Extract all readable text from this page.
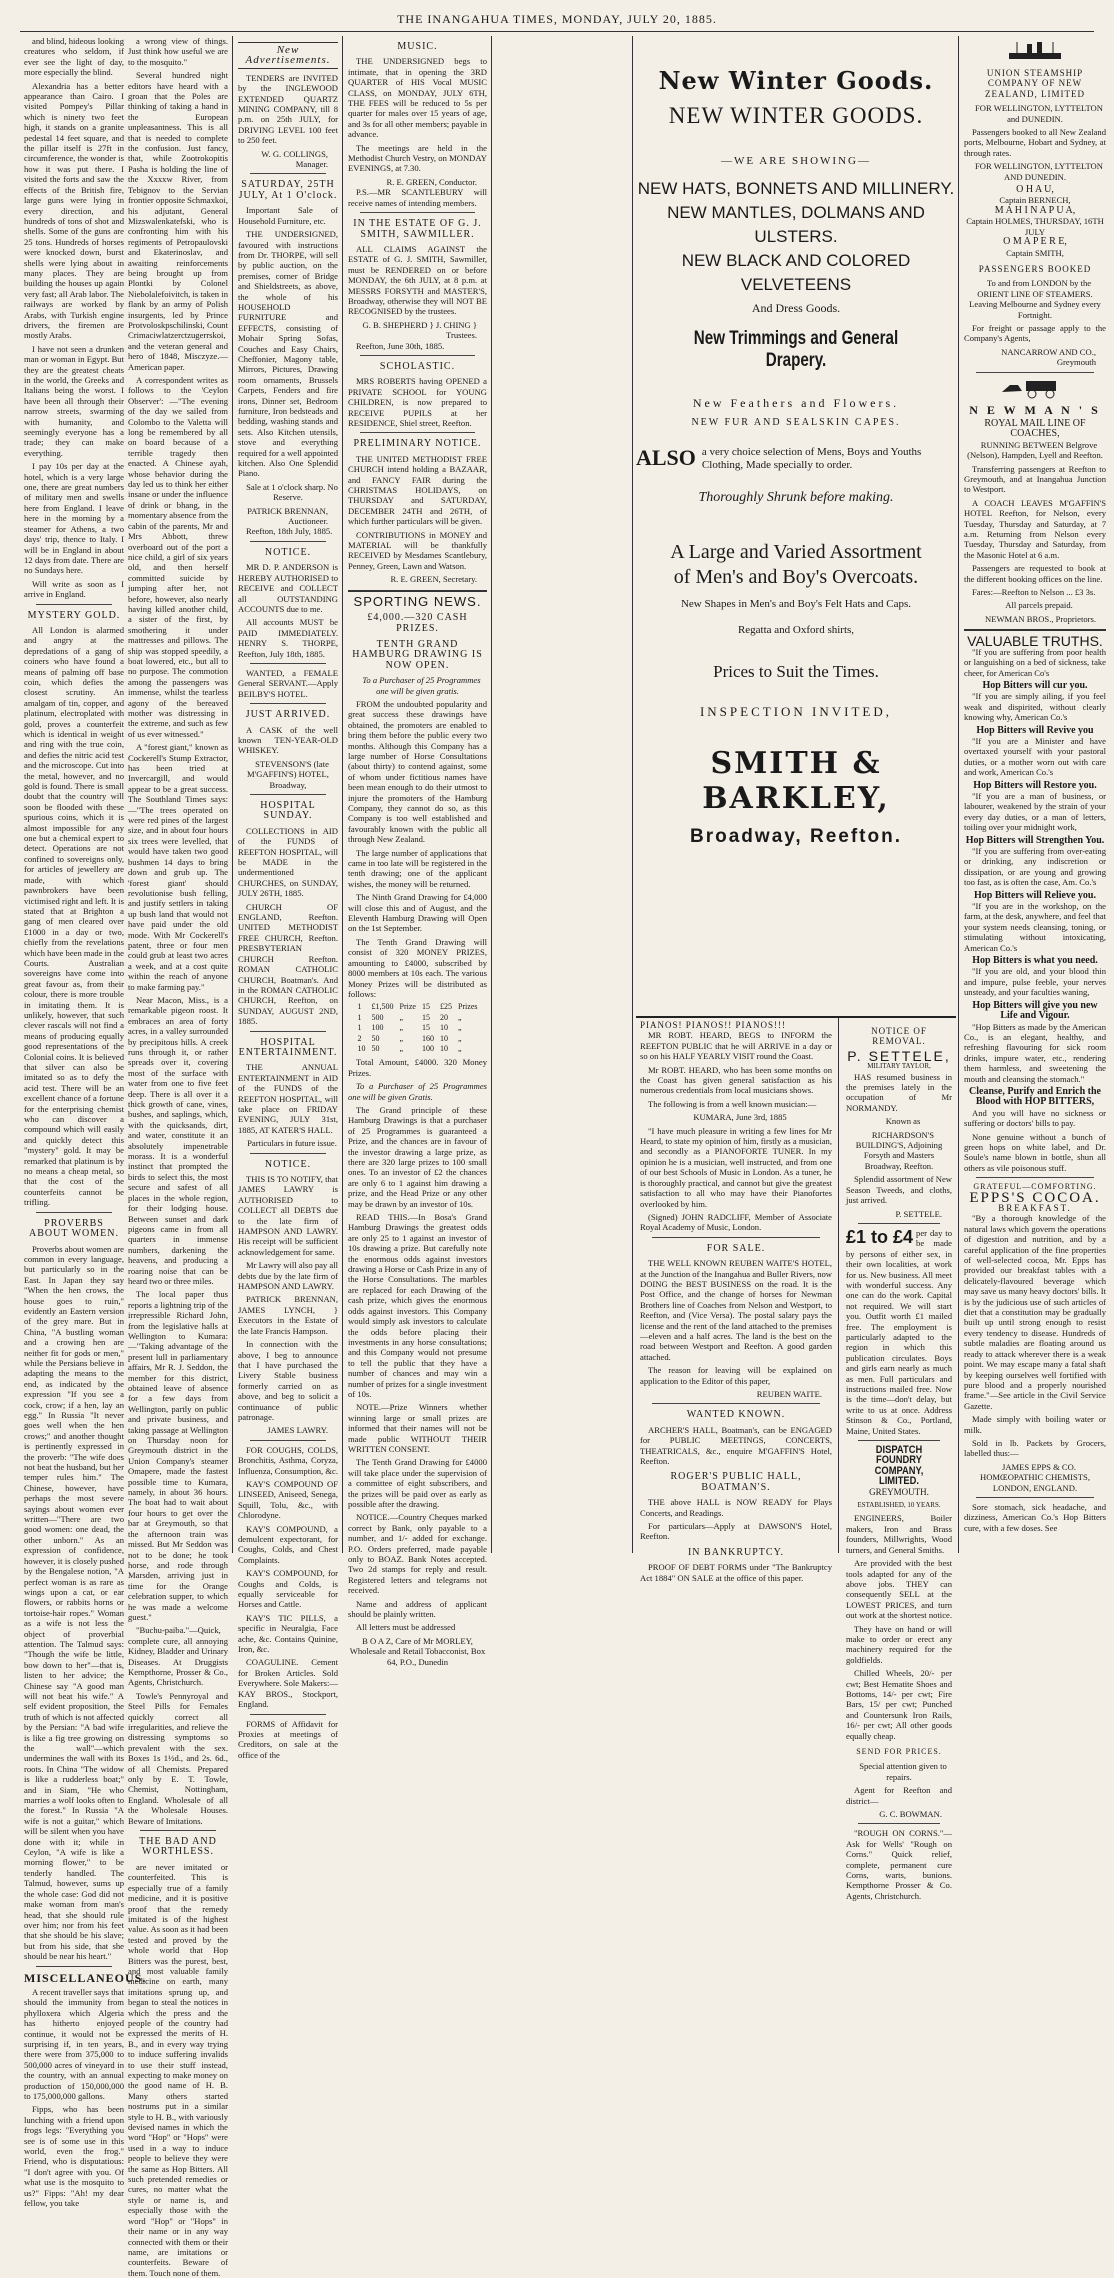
THE INANGAHUA TIMES, MONDAY, JULY 20, 1885.

and blind, hideous looking creatures who seldom, if ever see the light of day, more especially the blind.

Alexandria has a better appearance than Cairo. I visited Pompey's Pillar which is ninety two feet high, it stands on a granite pedestal 14 feet square, and the pillar itself is 27ft in circumference, the wonder is how it was put there. I visited the forts and saw the effects of the British fire, large guns were lying in every direction, and hundreds of tons of shot and shells. Some of the guns are 25 tons. Hundreds of horses were knocked down, burst shells were lying about in many places. They are building the houses up again very fast; all Arab labor. The railways are worked by Arabs, with Turkish engine drivers, the firemen are mostly Arabs.

I have not seen a drunken man or woman in Egypt. But they are the greatest cheats in the world, the Greeks and Italians being the worst. I have been all through their narrow streets, swarming with humanity, and seemingly everyone has a trade; they can make everything.

I pay 10s per day at the hotel, which is a very large one, there are great numbers of military men and swells here from England. I leave here in the morning by a steamer for Athens, a two days' trip, thence to Italy. I will be in England in about 12 days from date. There are no Sundays here.

Will write as soon as I arrive in England.

MYSTERY GOLD.

All London is alarmed and angry at the depredations of a gang of coiners who have found a means of palming off base coin, which defies the closest scrutiny. An amalgam of tin, copper, and platinum, electroplated with gold, proves a counterfeit which is identical in weight and ring with the true coin, and defies the nitric acid test and the microscope. Cut into the metal, however, and no gold is found. There is small doubt that the country will soon be flooded with these spurious coins, which it is almost impossible for any one but a chemical expert to detect. Operations are not confined to sovereigns only, for articles of jewellery are made, with which pawnbrokers have been victimised right and left. It is stated that at Brighton a gang of men cleared over £1000 in a day or two, chiefly from the revelations which have been made in the Courts. Australian sovereigns have come into great favour as, from their colour, there is more trouble in imitating them. It is unlikely, however, that such clever rascals will not find a means of producing equally good representations of the Colonial coins. It is believed that silver can also be imitated so as to defy the acid test. There will be an excellent chance of a fortune for the enterprising chemist who can discover a compound which will easily and quickly detect this "mystery" gold. It may be remarked that platinum is by no means a cheap metal, so that the cost of the counterfeits cannot be trifling.

PROVERBS ABOUT WOMEN.

Proverbs about women are common in every language, but particularly so in the East. In Japan they say "When the hen crows, the house goes to ruin," evidently an Eastern version of the grey mare. But in China, "A bustling woman and a crowing hen are neither fit for gods or men," while the Persians believe in adapting the means to the end, as indicated by the expression "If you see a cock, crow; if a hen, lay an egg." In Russia "It never goes well when the hen crows;" and another thought is pertinently expressed in the proverb: "The wife does not beat the husband, but her temper rules him." The Chinese, however, have perhaps the most severe sayings about women ever written—"There are two good women: one dead, the other unborn." As an expression of confidence, however, it is closely pushed by the Bengalese notion, "A perfect woman is as rare as wings upon a cat, or ear flowers, or rabbits horns or tortoise-hair ropes." Woman as a wife is not less the object of proverbial attention. The Talmud says: "Though the wife be little, bow down to her"—that is, listen to her advice; the Chinese say "A good man will not beat his wife." A self evident proposition, the truth of which is not affected by the Persian: "A bad wife is like a fig tree growing on the wall"—which undermines the wall with its roots. In China "The widow is like a rudderless boat;" and in Siam, "He who marries a wolf looks often to the forest." In Russia "A wife is not a guitar," which will be silent when you have done with it; while in Ceylon, "A wife is like a morning flower," to be tenderly handled. The Talmud, however, sums up the whole case: God did not make woman from man's head, that she should rule over him; nor from his feet that she should be his slave; but from his side, that she should be near his heart."

MISCELLANEOUS.

A recent traveller says that should the immunity from phylloxera which Algeria has hitherto enjoyed continue, it would not be surprising if, in ten years, there were from 375,000 to 500,000 acres of vineyard in the country, with an annual production of 150,000,000 to 175,000,000 gallons.

Fipps, who has been lunching with a friend upon frogs legs: "Everything you see is of some use in this world, even the frog." Friend, who is disputatious: "I don't agree with you. Of what use is the mosquito to us?" Fipps: "Ah! my dear fellow, you take

a wrong view of things. Just think how useful we are to the mosquito."

Several hundred night editors have heard with a groan that the Poles are thinking of taking a hand in the European unpleasantness. This is all that is needed to complete the confusion. Just fancy, that, while Zootrokopitis Pasha is holding the line of the Xxxxw River, from Tebignov to the Servian frontier opposite Schmaxkoi, his adjutant, General Mizswalenkatefski, who is confronting him with his regiments of Petropaulovski and Ekaterinoslav, and awaiting reinforcements being brought up from Plontki by Colonel Niebolalefoivitch, is taken in flank by an army of Polish insurgents, led by Prince Protvoloskpschilinski, Count Crimaciwlatzerctzugerrskoi, and the veteran general and hero of 1848, Misczyze.—American paper.

A correspondent writes as follows to the 'Ceylon Observer': —"The evening of the day we sailed from Colombo to the Valetta will long be remembered by all on board because of a terrible tragedy then enacted. A Chinese ayah, whose behavior during the day led us to think her either insane or under the influence of drink or bhang, in the momentary absence from the cabin of the parents, Mr and Mrs Abbott, threw overboard out of the port a nice child, a girl of six years old, and then herself committed suicide by jumping after her, not before, however, also nearly having killed another child, a sister of the first, by smothering it under mattresses and pillows. The ship was stopped speedily, a boat lowered, etc., but all to no purpose. The commotion among the passengers was immense, whilst the tearless agony of the bereaved mother was distressing in the extreme, and such as few of us ever witnessed."

A "forest giant," known as Cockerell's Stump Extractor, has been tried at Invercargill, and would appear to be a great success. The Southland Times says:—"The trees operated on were red pines of the largest size, and in about four hours six trees were levelled, that would have taken two good bushmen 14 days to bring down and grub up. The 'forest giant' should revolutionise bush felling, and justify settlers in taking up bush land that would not have paid under the old mode. With Mr Cockerell's patent, three or four men could grub at least two acres a week, and at a cost quite within the reach of anyone to make farming pay."

Near Macon, Miss., is a remarkable pigeon roost. It embraces an area of forty acres, in a valley surrounded by precipitous hills. A creek runs through it, or rather spreads over it, covering most of the surface with water from one to five feet deep. There is all over it a thick growth of cane, vines, bushes, and saplings, which, with the quicksands, dirt, and water, constitute it an absolutely impenetrable morass. It is a wonderful instinct that prompted the birds to select this, the most secure and safest of all places in the whole region, for their lodging house. Between sunset and dark pigeons came in from all quarters in immense numbers, darkening the heavens, and producing a roaring noise that can be heard two or three miles.

The local paper thus reports a lightning trip of the irrepressible Richard John, from the legislative halls at Wellington to Kumara:—"Taking advantage of the present lull in parliamentary affairs, Mr R. J. Seddon, the member for this district, obtained leave of absence for a few days from Wellington, partly on public and private business, and taking passage at Wellington on Thursday noon for Greymouth district in the Union Company's steamer Omapere, made the fastest possible time to Kumara, namely, in about 36 hours. The boat had to wait about four hours to get over the bar at Greymouth, so that the afternoon train was missed. But Mr Seddon was not to be done; he took horse, and rode through Marsden, arriving just in time for the Orange celebration supper, to which he was made a welcome guest."

"Buchu-paiba."—Quick, complete cure, all annoying Kidney, Bladder and Urinary Diseases. At Druggists Kempthorne, Prosser & Co., Agents, Christchurch.

Towle's Pennyroyal and Steel Pills for Females quickly correct all irregularities, and relieve the distressing symptoms so prevalent with the sex. Boxes 1s 1½d., and 2s. 6d., of all Chemists. Prepared only by E. T. Towle, Chemist, Nottingham, England. Wholesale of all the Wholesale Houses. Beware of Imitations.

THE BAD AND WORTHLESS.

are never imitated or counterfeited. This is especially true of a family medicine, and it is positive proof that the remedy imitated is of the highest value. As soon as it had been tested and proved by the whole world that Hop Bitters was the purest, best, and most valuable family medicine on earth, many imitations sprung up, and began to steal the notices in which the press and the people of the country had expressed the merits of H. B., and in every way trying to induce suffering invalids to use their stuff instead, expecting to make money on the good name of H. B. Many others started nostrums put in a similar style to H. B., with variously devised names in which the word "Hop" or "Hops" were used in a way to induce people to believe they were the same as Hop Bitters. All such pretended remedies or cures, no matter what the style or name is, and especially those with the word "Hop" or "Hops" in their name or in any way connected with them or their name, are imitations or counterfeits. Beware of them. Touch none of them.

New Advertisements.

TENDERS are INVITED by the INGLEWOOD EXTENDED QUARTZ MINING COMPANY, till 8 p.m. on 25th JULY, for DRIVING LEVEL 100 feet to 250 feet.

W. G. COLLINGS, Manager.
SATURDAY, 25TH JULY, At 1 O'clock.

Important Sale of Household Furniture, etc.

THE UNDERSIGNED, favoured with instructions from Dr. THORPE, will sell by public auction, on the premises, corner of Bridge and Shieldstreets, as above, the whole of his HOUSEHOLD FURNITURE and EFFECTS, consisting of Mohair Spring Sofas, Couches and Easy Chairs, Cheffonier, Magony table, Mirrors, Pictures, Drawing room ornaments, Brussels Carpets, Fenders and fire irons, Dinner set, Bedroom furniture, Iron bedsteads and bedding, washing stands and sets. Also Kitchen utensils, stove and everything required for a well appointed kitchen. Also One Splendid Piano.

Sale at 1 o'clock sharp. No Reserve.

PATRICK BRENNAN, Auctioneer.

Reefton, 18th July, 1885.

NOTICE.

MR D. P. ANDERSON is HEREBY AUTHORISED to RECEIVE and COLLECT all OUTSTANDING ACCOUNTS due to me.

All accounts MUST be PAID IMMEDIATELY. HENRY S. THORPE, Reefton, July 18th, 1885.

WANTED, a FEMALE General SERVANT.—Apply BEILBY'S HOTEL.

JUST ARRIVED.

A CASK of the well known TEN-YEAR-OLD WHISKEY.

STEVENSON'S (late M'GAFFIN'S) HOTEL, Broadway,

HOSPITAL SUNDAY.

COLLECTIONS in AID of the FUNDS of REEFTON HOSPITAL, will be MADE in the undermentioned CHURCHES, on SUNDAY, JULY 26TH, 1885.

CHURCH OF ENGLAND, Reefton. UNITED METHODIST FREE CHURCH, Reefton. PRESBYTERIAN CHURCH Reefton. ROMAN CATHOLIC CHURCH, Boatman's. And in the ROMAN CATHOLIC CHURCH, Reefton, on SUNDAY, AUGUST 2ND, 1885.

HOSPITAL ENTERTAINMENT.

THE ANNUAL ENTERTAINMENT in AID of the FUNDS of the REEFTON HOSPITAL, will take place on FRIDAY EVENING, JULY 31st, 1885, AT KATER'S HALL.

Particulars in future issue.

NOTICE.

THIS IS TO NOTIFY, that JAMES LAWRY is AUTHORISED to COLLECT all DEBTS due to the late firm of HAMPSON AND LAWRY. His receipt will be sufficient acknowledgement for same.

Mr Lawry will also pay all debts due by the late firm of HAMPSON AND LAWRY.

PATRICK BRENNAN, JAMES LYNCH, } Executors in the Estate of the late Francis Hampson.

In connection with the above, I beg to announce that I have purchased the Livery Stable business formerly carried on as above, and beg to solicit a continuance of public patronage.

JAMES LAWRY.

FOR COUGHS, COLDS, Bronchitis, Asthma, Coryza, Influenza, Consumption, &c.

KAY'S COMPOUND OF LINSEED, Aniseed, Senega, Squill, Tolu, &c., with Chlorodyne.

KAY'S COMPOUND, a demulcent expectorant, for Coughs, Colds, and Chest Complaints.

KAY'S COMPOUND, for Coughs and Colds, is equally serviceable for Horses and Cattle.

KAY'S TIC PILLS, a specific in Neuralgia, Face ache, &c. Contains Quinine, Iron, &c.

COAGULINE. Cement for Broken Articles. Sold Everywhere. Sole Makers:— KAY BROS., Stockport, England.

FORMS of Affidavit for Proxies at meetings of Creditors, on sale at the office of the

MUSIC.

THE UNDERSIGNED begs to intimate, that in opening the 3RD QUARTER of HIS Vocal MUSIC CLASS, on MONDAY, JULY 6TH, THE FEES will be reduced to 5s per quarter for males over 15 years of age, and 3s for all other members; payable in advance.

The meetings are held in the Methodist Church Vestry, on MONDAY EVENINGS, at 7.30.

R. E. GREEN, Conductor.

P.S.—MR SCANTLEBURY will receive names of intending members.

IN THE ESTATE OF G. J. SMITH, SAWMILLER.

ALL CLAIMS AGAINST the ESTATE of G. J. SMITH, Sawmiller, must be RENDERED on or before MONDAY, the 6th JULY, at 8 p.m. at MESSRS FORSYTH and MASTER'S, Broadway, otherwise they will NOT BE RECOGNISED by the trustees.

G. B. SHEPHERD } J. CHING } Trustees.

Reefton, June 30th, 1885.

SCHOLASTIC.

MRS ROBERTS having OPENED a PRIVATE SCHOOL for YOUNG CHILDREN, is now prepared to RECEIVE PUPILS at her RESIDENCE, Shiel street, Reefton.

PRELIMINARY NOTICE.

THE UNITED METHODIST FREE CHURCH intend holding a BAZAAR, and FANCY FAIR during the CHRISTMAS HOLIDAYS, on THURSDAY and SATURDAY, DECEMBER 24TH and 26TH, of which further particulars will be given.

CONTRIBUTIONS in MONEY and MATERIAL will be thankfully RECEIVED by Mesdames Scantlebury, Penney, Green, Lawn and Watson.

R. E. GREEN, Secretary.
SPORTING NEWS.
£4,000.—320 CASH PRIZES.
TENTH GRAND HAMBURG DRAWING IS NOW OPEN.

To a Purchaser of 25 Programmes one will be given gratis.

FROM the undoubted popularity and great success these drawings have obtained, the promoters are enabled to bring them before the public every two months. Although this Company has a large number of Horse Consultations (about thirty) to contend against, some of whom under fictitious names have been mean enough to do their utmost to injure the promoters of the Hamburg Company, they cannot do so, as this Company is too well established and favourably known with the public all through New Zealand.

The large number of applications that came in too late will be registered in the tenth drawing; one of the applicant wishes, the money will be returned.

The Ninth Grand Drawing for £4,000 will close this and of August, and the Eleventh Hamburg Drawing will Open on the 1st September.

The Tenth Grand Drawing will consist of 320 MONEY PRIZES, amounting to £4000, subscribed by 8000 members at 10s each. The various Money Prizes will be distributed as follows:

1	£1,500	Prize	15	£25	Prizes
1	500	„	15	20	„
1	100	„	15	10	„
2	50	„	160	10	„
10	50	„	100	10	„

Total Amount, £4000. 320 Money Prizes.

To a Purchaser of 25 Programmes one will be given Gratis.

The Grand principle of these Hamburg Drawings is that a purchaser of 25 Programmes is guaranteed a Prize, and the chances are in favour of the investor drawing a large prize, as there are 320 large prizes to 100 small ones. To an investor of £2 the chances are only 6 to 1 against him drawing a prize, and the Head Prize or any other may be drawn by an investor of 10s.

READ THIS.—In Bosa's Grand Hamburg Drawings the greatest odds are only 25 to 1 against an investor of 10s drawing a prize. But carefully note the enormous odds against investors drawing a Horse or Cash Prize in any of the Horse Consultations. The marbles are replaced for each Drawing of the cash prize, which gives the enormous odds against investors. This Company would simply ask investors to calculate the odds before placing their investments in any horse consultations; and this Company would not presume to tell the public that they have a number of chances and may win a number of prizes for a single investment of 10s.

NOTE.—Prize Winners whether winning large or small prizes are informed that their names will not be made public WITHOUT THEIR WRITTEN CONSENT.

The Tenth Grand Drawing for £4000 will take place under the supervision of a committee of eight subscribers, and the prizes will be paid over as early as possible after the drawing.

NOTICE.—Country Cheques marked correct by Bank, only payable to a number, and 1/- added for exchange. P.O. Orders preferred, made payable only to BOAZ. Bank Notes accepted. Two 2d stamps for reply and result. Registered letters and telegrams not received.

Name and address of applicant should be plainly written.

All letters must be addressed

B O A Z, Care of Mr MORLEY, Wholesale and Retail Tobacconist, Box 64, P.O., Dunedin
New Winter Goods.
NEW WINTER GOODS.
—WE ARE SHOWING—
NEW HATS, BONNETS AND MILLINERY.
NEW MANTLES, DOLMANS AND ULSTERS.
NEW BLACK AND COLORED VELVETEENS
And Dress Goods.
New Trimmings and General Drapery.
New Feathers and Flowers.
NEW FUR AND SEALSKIN CAPES.
ALSO a very choice selection of Mens, Boys and Youths Clothing, Made specially to order.
Thoroughly Shrunk before making.
A Large and Varied Assortment
of Men's and Boy's Overcoats.
New Shapes in Men's and Boy's Felt Hats and Caps.
Regatta and Oxford shirts,
Prices to Suit the Times.
INSPECTION INVITED,
SMITH & BARKLEY,
Broadway, Reefton.
PIANOS! PIANOS!! PIANOS!!!

MR ROBT. HEARD, BEGS to INFORM the REEFTON PUBLIC that he will ARRIVE in a day or so on his HALF YEARLY VISIT round the Coast.

Mr ROBT. HEARD, who has been some months on the Coast has given general satisfaction as his numerous credentials from local musicians shows.

The following is from a well known musician:—

KUMARA, June 3rd, 1885

"I have much pleasure in writing a few lines for Mr Heard, to state my opinion of him, firstly as a musician, and secondly as a PIANOFORTE TUNER. In my opinion he is a musician, well instructed, and from one of our best Schools of Music in London. As a tuner, he is thoroughly practical, and cannot but give the greatest satisfaction to all who may have their Pianofortes overlooked by him.

(Signed) JOHN RADCLIFF, Member of Associate Royal Academy of Music, London.

FOR SALE.

THE WELL KNOWN REUBEN WAITE'S HOTEL, at the Junction of the Inangahua and Buller Rivers, now DOING the BEST BUSINESS on the road. It is the Post Office, and the change of horses for Newman Brothers line of Coaches from Nelson and Westport, to Reefton, and (Vice Versa). The postal salary pays the license and the rent of the land attached to the premises—eleven and a half acres. The land is the best on the road between Westport and Reefton. A good garden attached.

The reason for leaving will be explained on application to the Editor of this paper,

REUBEN WAITE.
WANTED KNOWN.

ARCHER'S HALL, Boatman's, can be ENGAGED for PUBLIC MEETINGS, CONCERTS, THEATRICALS, &c., enquire M'GAFFIN'S Hotel, Reefton.

ROGER'S PUBLIC HALL, BOATMAN'S.

THE above HALL is NOW READY for Plays Concerts, and Readings.

For particulars—Apply at DAWSON'S Hotel, Reefton.

IN BANKRUPTCY.

PROOF OF DEBT FORMS under "The Bankruptcy Act 1884" ON SALE at the office of this paper.

NOTICE OF REMOVAL.
P. SETTELE,
MILITARY TAYLOR,

HAS resumed business in the premises lately in the occupation of Mr NORMANDY.

Known as

RICHARDSON'S BUILDING'S, Adjoining Forsyth and Masters Broadway, Reefton.

Splendid assortment of New Season Tweeds, and cloths, just arrived.

P. SETTELE.

£1 to £4 per day to be made by persons of either sex, in their own localities, at work for us. New business. All meet with wonderful success. Any one can do the work. Capital not required. We will start you. Outfit worth £1 mailed free. The employment is particularly adapted to the region in which this publication circulates. Boys and girls earn nearly as much as men. Full particulars and instructions mailed free. Now is the time—don't delay, but write to us at once. Address Stinson & Co., Portland, Maine, United States.

DISPATCH FOUNDRY COMPANY, LIMITED.
GREYMOUTH.
ESTABLISHED, 10 YEARS.

ENGINEERS, Boiler makers, Iron and Brass founders, Millwrights, Wood turners, and General Smiths.

Are provided with the best tools adapted for any of the above jobs. THEY can consequently SELL at the LOWEST PRICES, and turn out work at the shortest notice.

They have on hand or will make to order or erect any machinery required for the goldfields.

Chilled Wheels, 20/- per cwt; Best Hematite Shoes and Bottoms, 14/- per cwt; Fire Bars, 15/ per cwt; Punched and Countersunk Iron Rails, 16/- per cwt; All other goods equally cheap.

SEND FOR PRICES.

Special attention given to repairs.

Agent for Reefton and district—

G. C. BOWMAN.

"ROUGH ON CORNS."—Ask for Wells' "Rough on Corns." Quick relief, complete, permanent cure Corns, warts, bunions. Kempthorne Prosser & Co. Agents, Christchurch.

UNION STEAMSHIP COMPANY OF NEW ZEALAND, LIMITED

FOR WELLINGTON, LYTTELTON and DUNEDIN.

Passengers booked to all New Zealand ports, Melbourne, Hobart and Sydney, at through rates.

FOR WELLINGTON, LYTTELTON AND DUNEDIN.

O H A U,
Captain BERNECH,
M A H I N A P U A,
Captain HOLMES, THURSDAY, 16TH JULY
O M A P E R E,
Captain SMITH,
PASSENGERS BOOKED

To and from LONDON by the ORIENT LINE OF STEAMERS. Leaving Melbourne and Sydney every Fortnight.

For freight or passage apply to the Company's Agents,

NANCARROW AND CO., Greymouth
N E W M A N ' S
ROYAL MAIL LINE OF COACHES,

RUNNING BETWEEN Belgrove (Nelson), Hampden, Lyell and Reefton.

Transferring passengers at Reefton to Greymouth, and at Inangahua Junction to Westport.

A COACH LEAVES M'GAFFIN'S HOTEL Reefton, for Nelson, every Tuesday, Thursday and Saturday, at 7 a.m. Returning from Nelson every Tuesday, Thursday and Saturday, from the Masonic Hotel at 6 a.m.

Passengers are requested to book at the different booking offices on the line.

Fares:—Reefton to Nelson ... £3 3s.

All parcels prepaid.

NEWMAN BROS., Proprietors.
VALUABLE TRUTHS.

"If you are suffering from poor health or languishing on a bed of sickness, take cheer, for American Co's

Hop Bitters will cur you.

"If you are simply ailing, if you feel weak and dispirited, without clearly knowing why, American Co.'s

Hop Bitters will Revive you

"If you are a Minister and have overtaxed yourself with your pastoral duties, or a mother worn out with care and work, American Co.'s

Hop Bitters will Restore you.

"If you are a man of business, or labourer, weakened by the strain of your every day duties, or a man of letters, toiling over your midnight work,

Hop Bitters will Strengthen You.

"If you are suffering from over-eating or drinking, any indiscretion or dissipation, or are young and growing too fast, as is often the case, Am. Co.'s

Hop Bitters will Relieve you.

"If you are in the workshop, on the farm, at the desk, anywhere, and feel that your system needs cleansing, toning, or stimulating without intoxicating, American Co.'s

Hop Bitters is what you need.

"If you are old, and your blood thin and impure, pulse feeble, your nerves unsteady, and your faculties waning,

Hop Bitters will give you new Life and Vigour.

"Hop Bitters as made by the American Co., is an elegant, healthy, and refreshing flavouring for sick room drinks, impure water, etc., rendering them harmless, and sweetening the mouth and cleansing the stomach."

Cleanse, Purify and Enrich the Blood with HOP BITTERS,

And you will have no sickness or suffering or doctors' bills to pay.

None genuine without a bunch of green hops on white label, and Dr. Soule's name blown in bottle, shun all others as vile poisonous stuff.

GRATEFUL—COMFORTING.
EPPS'S COCOA.
BREAKFAST.

"By a thorough knowledge of the natural laws which govern the operations of digestion and nutrition, and by a careful application of the fine properties of well-selected cocoa, Mr. Epps has provided our breakfast tables with a delicately-flavoured beverage which may save us many heavy doctors' bills. It is by the judicious use of such articles of diet that a constitution may be gradually built up until strong enough to resist every tendency to disease. Hundreds of subtle maladies are floating around us ready to attack wherever there is a weak point. We may escape many a fatal shaft by keeping ourselves well fortified with pure blood and a properly nourished frame."—See article in the Civil Service Gazette.

Made simply with boiling water or milk.

Sold in lb. Packets by Grocers, labelled thus:—

JAMES EPPS & CO. HOMŒOPATHIC CHEMISTS, LONDON, ENGLAND.

Sore stomach, sick headache, and dizziness, American Co.'s Hop Bitters cure, with a few doses. See
